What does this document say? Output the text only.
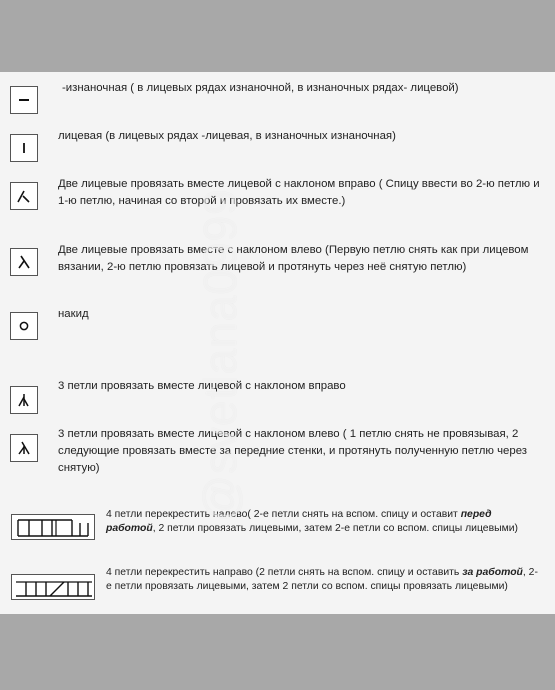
-изнаночная ( в лицевых рядах изнаночной, в изнаночных рядах- лицевой)
лицевая (в лицевых рядах -лицевая, в изнаночных изнаночная)
Две лицевые провязать вместе лицевой с наклоном вправо ( Спицу ввести во 2-ю петлю и 1-ю петлю, начиная со второй и провязать их вместе.)
Две лицевые провязать вместе с наклоном влево (Первую петлю снять как при лицевом вязании, 2-ю петлю провязать лицевой и протянуть через неё снятую петлю)
накид
3 петли провязать вместе лицевой с наклоном вправо
3 петли провязать вместе лицевой с наклоном влево ( 1 петлю снять не провязывая, 2 следующие провязать вместе за передние стенки, и протянуть полученную петлю через снятую)
4 петли перекрестить налево( 2-е петли снять на вспом. спицу и оставит перед работой, 2 петли провязать лицевыми, затем 2-е петли со вспом. спицы лицевыми)
4 петли перекрестить направо (2 петли снять на вспом. спицу и оставить за работой, 2-е петли провязать лицевыми, затем 2 петли со вспом. спицы провязать лицевыми)
@svetlana0999
